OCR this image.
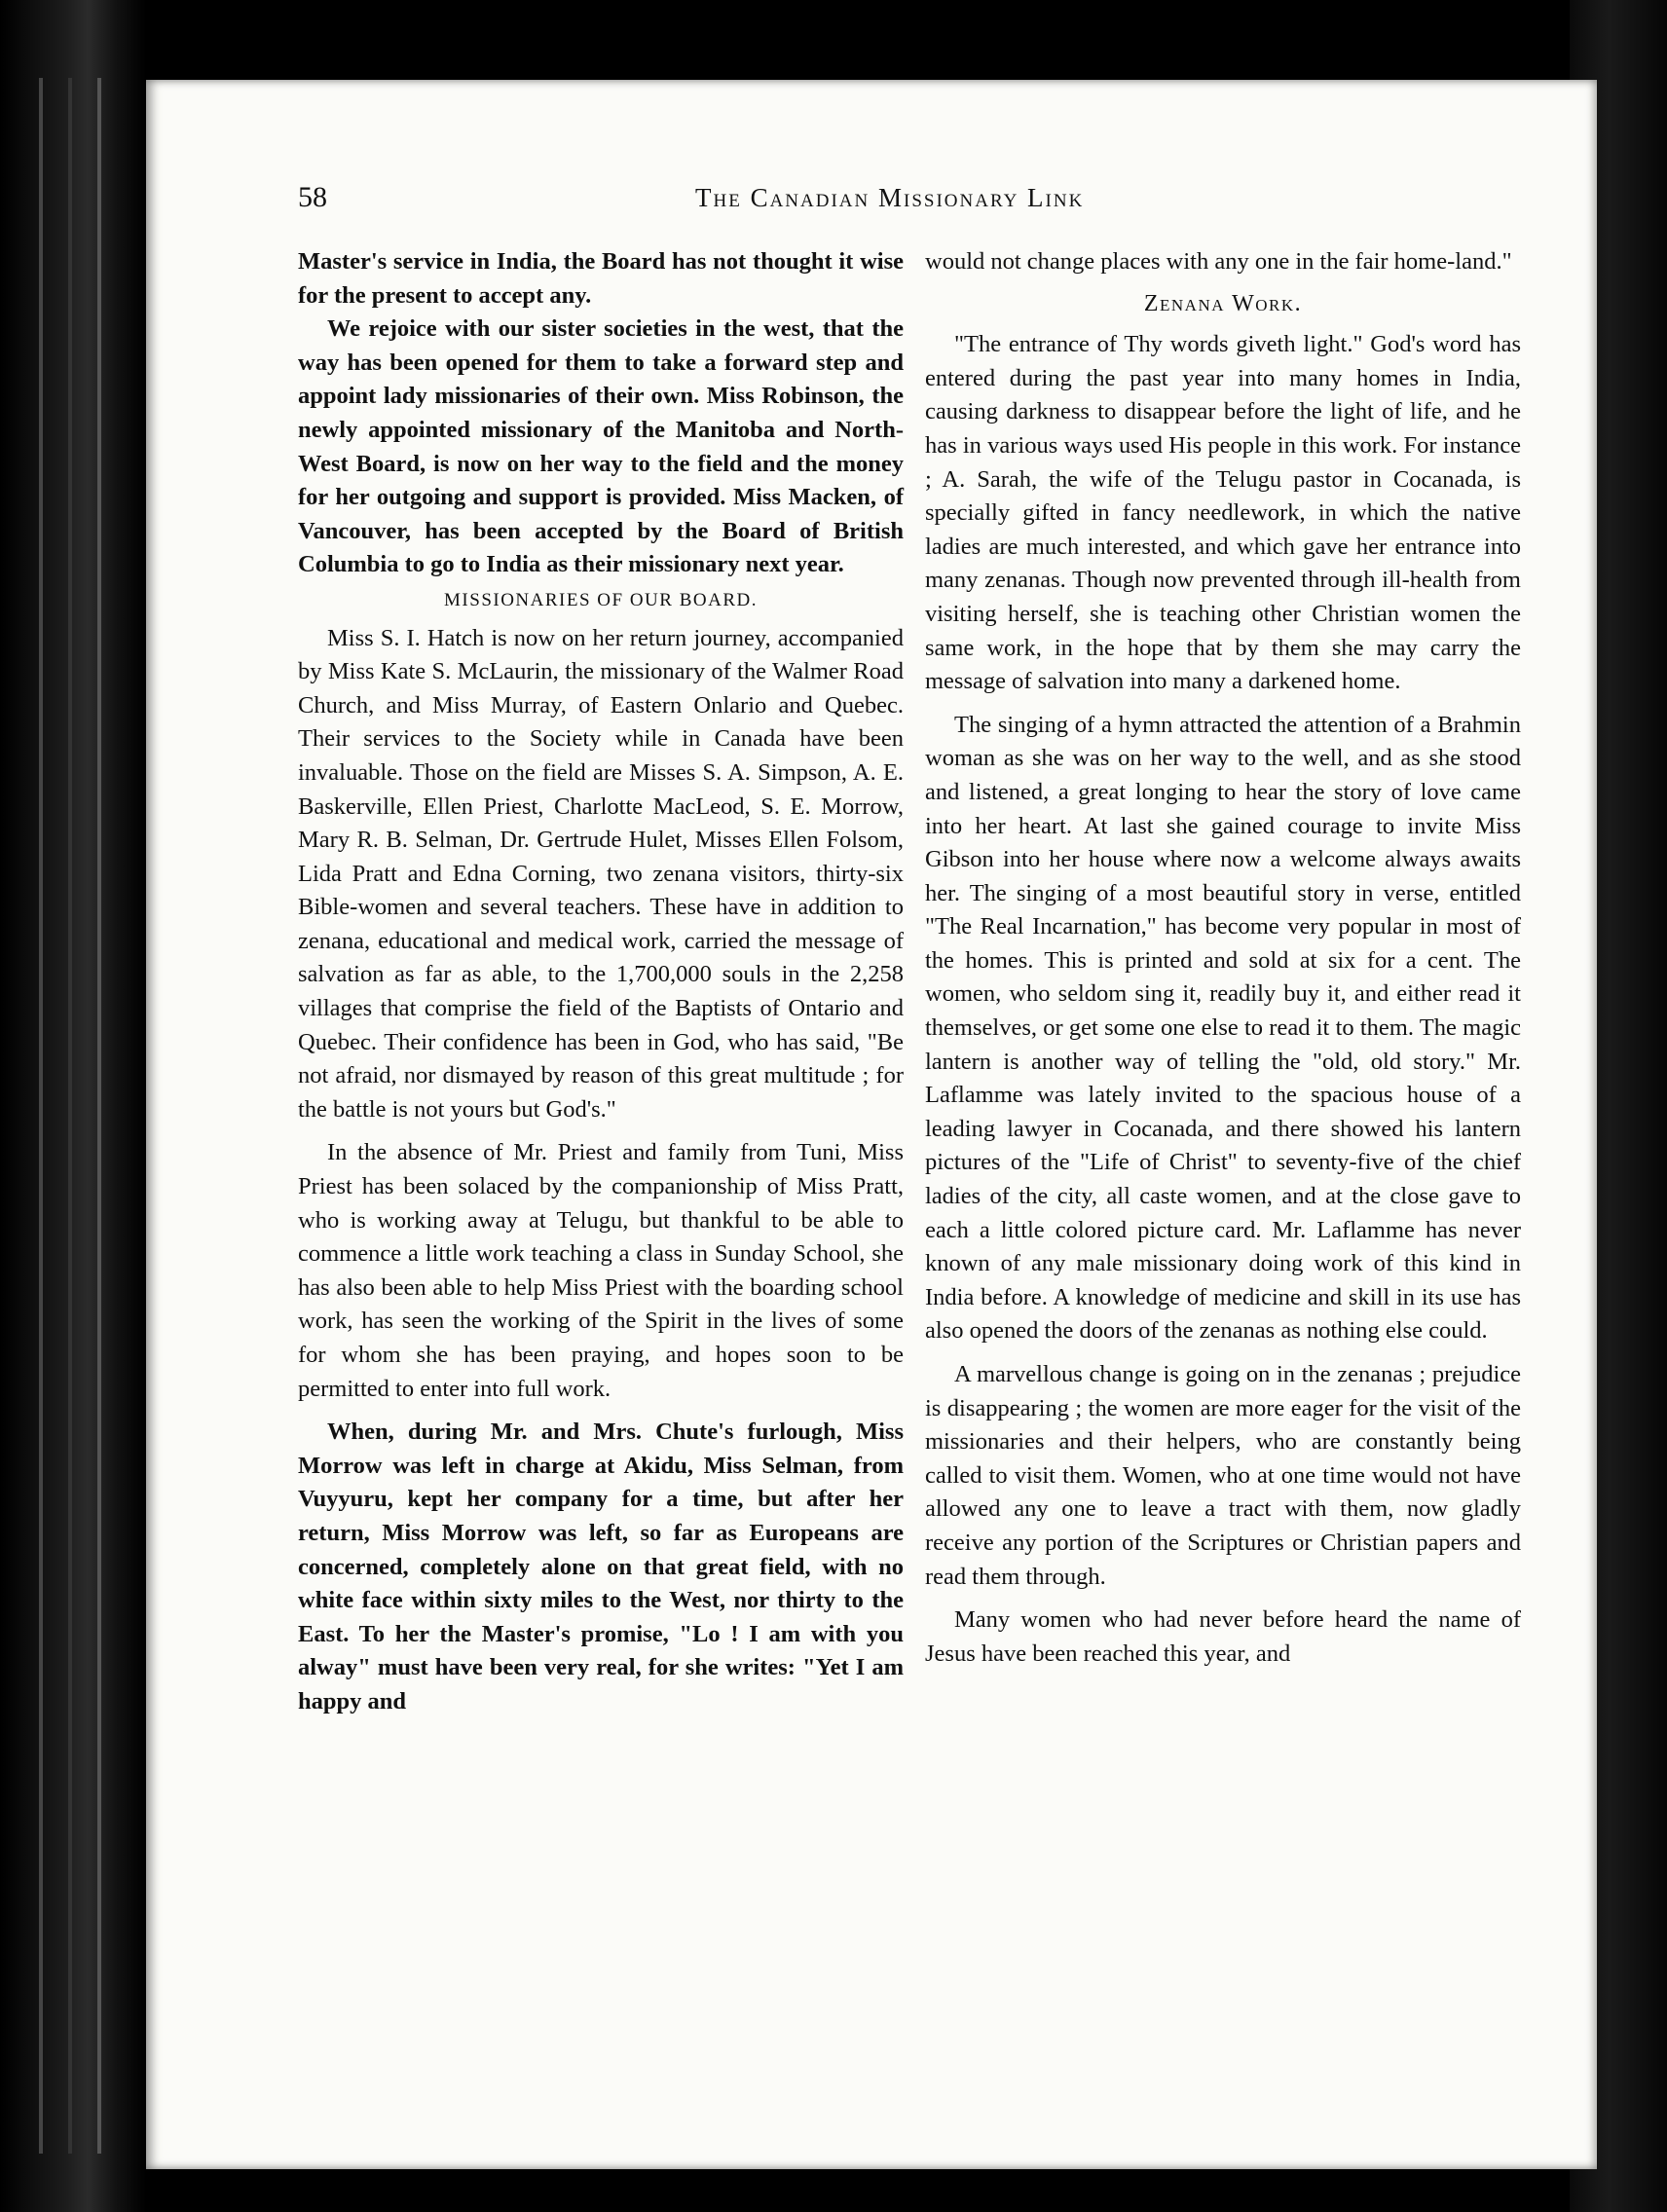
58	The Canadian Missionary Link

Master's service in India, the Board has not thought it wise for the present to accept any.

We rejoice with our sister societies in the west, that the way has been opened for them to take a forward step and appoint lady missionaries of their own. Miss Robinson, the newly appointed missionary of the Manitoba and North-West Board, is now on her way to the field and the money for her outgoing and support is provided. Miss Macken, of Vancouver, has been accepted by the Board of British Columbia to go to India as their missionary next year.

MISSIONARIES OF OUR BOARD.

Miss S. I. Hatch is now on her return journey, accompanied by Miss Kate S. McLaurin, the missionary of the Walmer Road Church, and Miss Murray, of Eastern Onlario and Quebec. Their services to the Society while in Canada have been invaluable. Those on the field are Misses S. A. Simpson, A. E. Baskerville, Ellen Priest, Charlotte MacLeod, S. E. Morrow, Mary R. B. Selman, Dr. Gertrude Hulet, Misses Ellen Folsom, Lida Pratt and Edna Corning, two zenana visitors, thirty-six Bible-women and several teachers. These have in addition to zenana, educational and medical work, carried the message of salvation as far as able, to the 1,700,000 souls in the 2,258 villages that comprise the field of the Baptists of Ontario and Quebec. Their confidence has been in God, who has said, "Be not afraid, nor dismayed by reason of this great multitude ; for the battle is not yours but God's."

In the absence of Mr. Priest and family from Tuni, Miss Priest has been solaced by the companionship of Miss Pratt, who is working away at Telugu, but thankful to be able to commence a little work teaching a class in Sunday School, she has also been able to help Miss Priest with the boarding school work, has seen the working of the Spirit in the lives of some for whom she has been praying, and hopes soon to be permitted to enter into full work.

When, during Mr. and Mrs. Chute's furlough, Miss Morrow was left in charge at Akidu, Miss Selman, from Vuyyuru, kept her company for a time, but after her return, Miss Morrow was left, so far as Europeans are concerned, completely alone on that great field, with no white face within sixty miles to the West, nor thirty to the East. To her the Master's promise, "Lo ! I am with you alway" must have been very real, for she writes: "Yet I am happy and

would not change places with any one in the fair home-land."

Zenana Work.

"The entrance of Thy words giveth light." God's word has entered during the past year into many homes in India, causing darkness to disappear before the light of life, and he has in various ways used His people in this work. For instance ; A. Sarah, the wife of the Telugu pastor in Cocanada, is specially gifted in fancy needlework, in which the native ladies are much interested, and which gave her entrance into many zenanas. Though now prevented through ill-health from visiting herself, she is teaching other Christian women the same work, in the hope that by them she may carry the message of salvation into many a darkened home.

The singing of a hymn attracted the attention of a Brahmin woman as she was on her way to the well, and as she stood and listened, a great longing to hear the story of love came into her heart. At last she gained courage to invite Miss Gibson into her house where now a welcome always awaits her. The singing of a most beautiful story in verse, entitled "The Real Incarnation," has become very popular in most of the homes. This is printed and sold at six for a cent. The women, who seldom sing it, readily buy it, and either read it themselves, or get some one else to read it to them. The magic lantern is another way of telling the "old, old story." Mr. Laflamme was lately invited to the spacious house of a leading lawyer in Cocanada, and there showed his lantern pictures of the "Life of Christ" to seventy-five of the chief ladies of the city, all caste women, and at the close gave to each a little colored picture card. Mr. Laflamme has never known of any male missionary doing work of this kind in India before. A knowledge of medicine and skill in its use has also opened the doors of the zenanas as nothing else could.

A marvellous change is going on in the zenanas ; prejudice is disappearing ; the women are more eager for the visit of the missionaries and their helpers, who are constantly being called to visit them. Women, who at one time would not have allowed any one to leave a tract with them, now gladly receive any portion of the Scriptures or Christian papers and read them through.

Many women who had never before heard the name of Jesus have been reached this year, and
